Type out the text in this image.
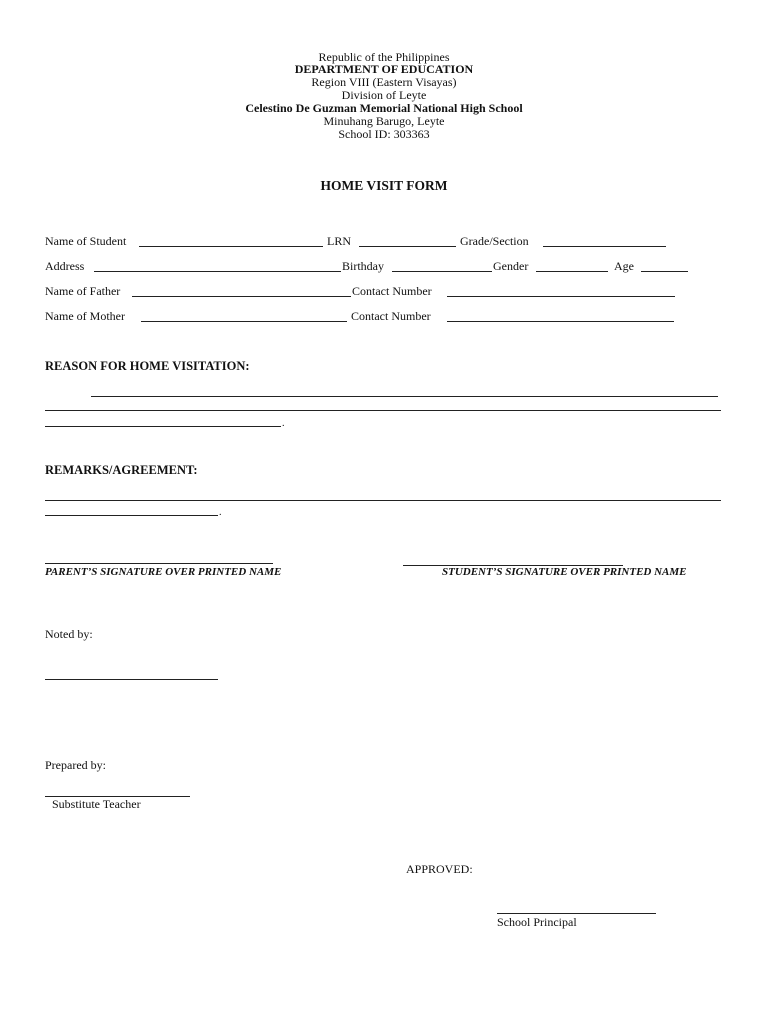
Republic of the Philippines
DEPARTMENT OF EDUCATION
Region VIII (Eastern Visayas)
Division of Leyte
Celestino De Guzman Memorial National High School
Minuhang Barugo, Leyte
School ID: 303363
HOME VISIT FORM
Name of Student	LRN	Grade/Section
Address	Birthday	Gender	Age
Name of Father	Contact Number
Name of Mother	Contact Number
REASON FOR HOME VISITATION:
.
REMARKS/AGREEMENT:
.
PARENT’S SIGNATURE OVER PRINTED NAME	STUDENT’S SIGNATURE OVER PRINTED NAME
Noted by:
Prepared by:
Substitute Teacher
APPROVED:
School Principal
